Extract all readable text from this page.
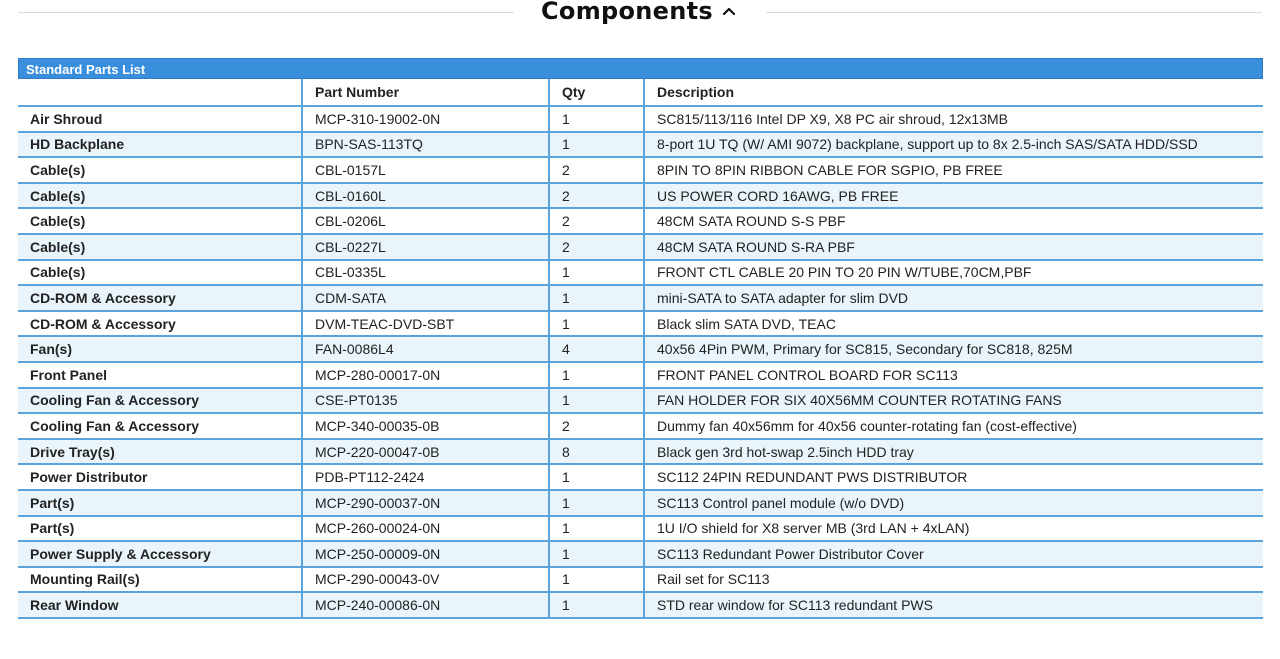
Components
Standard Parts List
	Part Number	Qty	Description
Air Shroud	MCP-310-19002-0N	1	SC815/113/116 Intel DP X9, X8 PC air shroud, 12x13MB
HD Backplane	BPN-SAS-113TQ	1	8-port 1U TQ (W/ AMI 9072) backplane, support up to 8x 2.5-inch SAS/SATA HDD/SSD
Cable(s)	CBL-0157L	2	8PIN TO 8PIN RIBBON CABLE FOR SGPIO, PB FREE
Cable(s)	CBL-0160L	2	US POWER CORD 16AWG, PB FREE
Cable(s)	CBL-0206L	2	48CM SATA ROUND S-S PBF
Cable(s)	CBL-0227L	2	48CM SATA ROUND S-RA PBF
Cable(s)	CBL-0335L	1	FRONT CTL CABLE 20 PIN TO 20 PIN W/TUBE,70CM,PBF
CD-ROM & Accessory	CDM-SATA	1	mini-SATA to SATA adapter for slim DVD
CD-ROM & Accessory	DVM-TEAC-DVD-SBT	1	Black slim SATA DVD, TEAC
Fan(s)	FAN-0086L4	4	40x56 4Pin PWM, Primary for SC815, Secondary for SC818, 825M
Front Panel	MCP-280-00017-0N	1	FRONT PANEL CONTROL BOARD FOR SC113
Cooling Fan & Accessory	CSE-PT0135	1	FAN HOLDER FOR SIX 40X56MM COUNTER ROTATING FANS
Cooling Fan & Accessory	MCP-340-00035-0B	2	Dummy fan 40x56mm for 40x56 counter-rotating fan (cost-effective)
Drive Tray(s)	MCP-220-00047-0B	8	Black gen 3rd hot-swap 2.5inch HDD tray
Power Distributor	PDB-PT112-2424	1	SC112 24PIN REDUNDANT PWS DISTRIBUTOR
Part(s)	MCP-290-00037-0N	1	SC113 Control panel module (w/o DVD)
Part(s)	MCP-260-00024-0N	1	1U I/O shield for X8 server MB (3rd LAN + 4xLAN)
Power Supply & Accessory	MCP-250-00009-0N	1	SC113 Redundant Power Distributor Cover
Mounting Rail(s)	MCP-290-00043-0V	1	Rail set for SC113
Rear Window	MCP-240-00086-0N	1	STD rear window for SC113 redundant PWS
